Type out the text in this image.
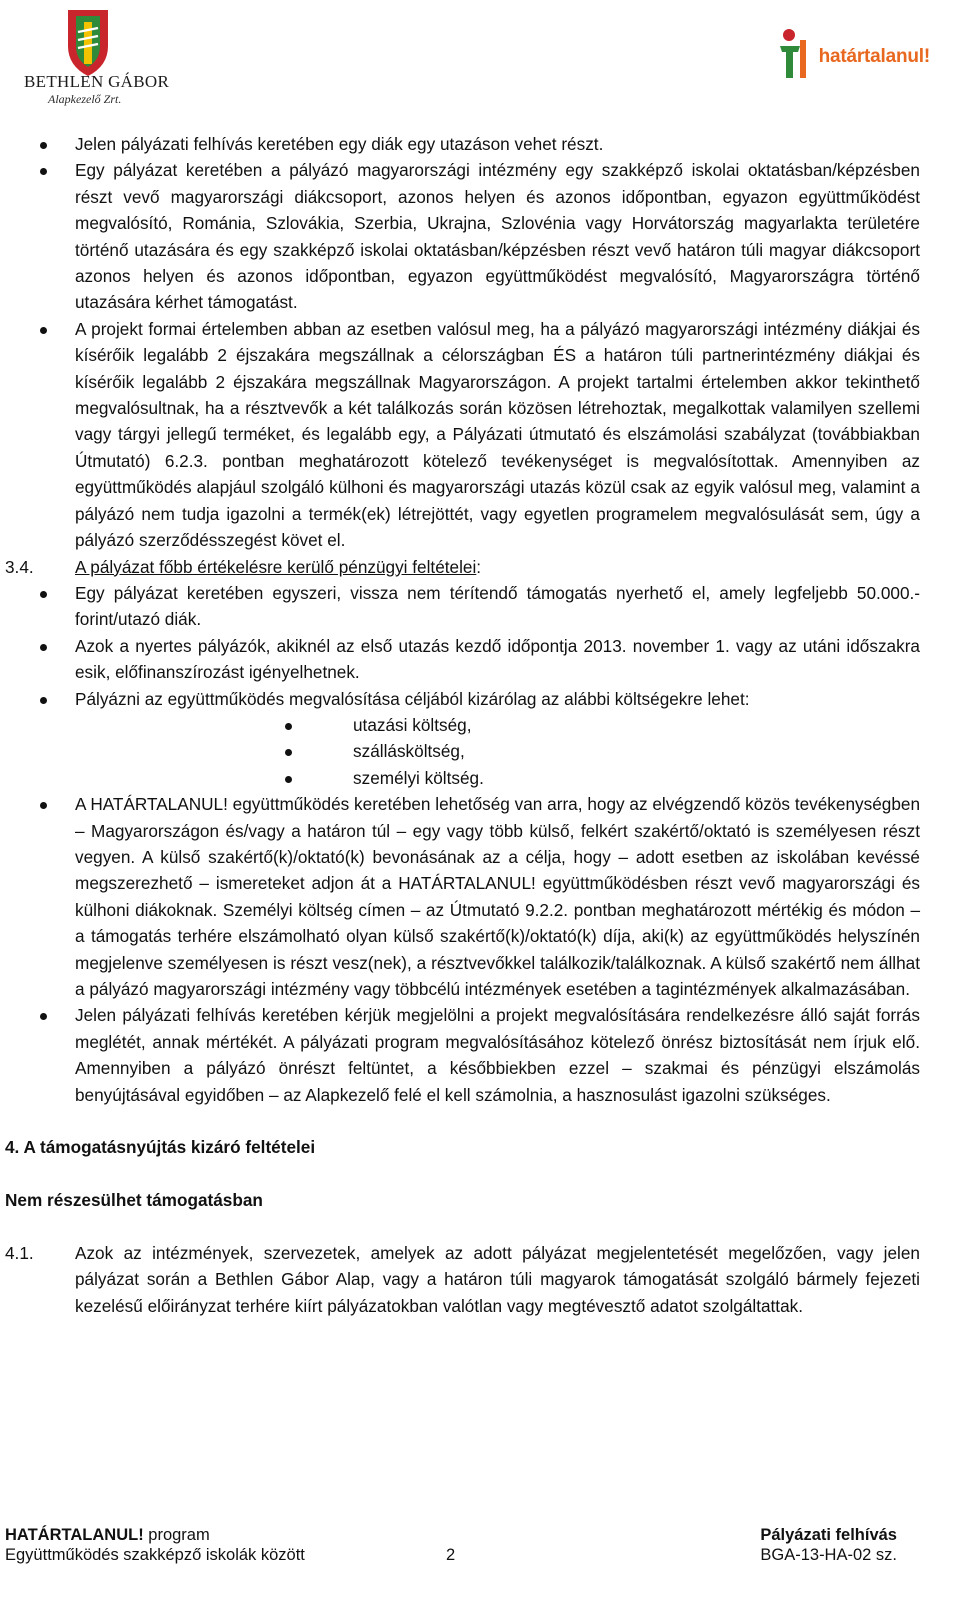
BETHLEN GÁBOR
Alapkezelő Zrt.
határtalanul!

Jelen pályázati felhívás keretében egy diák egy utazáson vehet részt.

Egy pályázat keretében a pályázó magyarországi intézmény egy szakképző iskolai oktatásban/képzésben részt vevő magyarországi diákcsoport, azonos helyen és azonos időpontban, egyazon együttműködést megvalósító, Románia, Szlovákia, Szerbia, Ukrajna, Szlovénia vagy Horvátország magyarlakta területére történő utazására és egy szakképző iskolai oktatásban/képzésben részt vevő határon túli magyar diákcsoport azonos helyen és azonos időpontban, egyazon együttműködést megvalósító, Magyarországra történő utazására kérhet támogatást.

A projekt formai értelemben abban az esetben valósul meg, ha a pályázó magyarországi intézmény diákjai és kísérőik legalább 2 éjszakára megszállnak a célországban ÉS a határon túli partnerintézmény diákjai és kísérőik legalább 2 éjszakára megszállnak Magyarországon. A projekt tartalmi értelemben akkor tekinthető megvalósultnak, ha a résztvevők a két találkozás során közösen létrehoztak, megalkottak valamilyen szellemi vagy tárgyi jellegű terméket, és legalább egy, a Pályázati útmutató és elszámolási szabályzat (továbbiakban Útmutató) 6.2.3. pontban meghatározott kötelező tevékenységet is megvalósítottak. Amennyiben az együttműködés alapjául szolgáló külhoni és magyarországi utazás közül csak az egyik valósul meg, valamint a pályázó nem tudja igazolni a termék(ek) létrejöttét, vagy egyetlen programelem megvalósulását sem, úgy a pályázó szerződésszegést követ el.

3.4. A pályázat főbb értékelésre kerülő pénzügyi feltételei:

Egy pályázat keretében egyszeri, vissza nem térítendő támogatás nyerhető el, amely legfeljebb 50.000.- forint/utazó diák.

Azok a nyertes pályázók, akiknél az első utazás kezdő időpontja 2013. november 1. vagy az utáni időszakra esik, előfinanszírozást igényelhetnek.

Pályázni az együttműködés megvalósítása céljából kizárólag az alábbi költségekre lehet:

utazási költség,

szállásköltség,

személyi költség.

A HATÁRTALANUL! együttműködés keretében lehetőség van arra, hogy az elvégzendő közös tevékenységben – Magyarországon és/vagy a határon túl – egy vagy több külső, felkért szakértő/oktató is személyesen részt vegyen. A külső szakértő(k)/oktató(k) bevonásának az a célja, hogy – adott esetben az iskolában kevéssé megszerezhető – ismereteket adjon át a HATÁRTALANUL! együttműködésben részt vevő magyarországi és külhoni diákoknak. Személyi költség címen – az Útmutató 9.2.2. pontban meghatározott mértékig és módon – a támogatás terhére elszámolható olyan külső szakértő(k)/oktató(k) díja, aki(k) az együttműködés helyszínén megjelenve személyesen is részt vesz(nek), a résztvevőkkel találkozik/találkoznak. A külső szakértő nem állhat a pályázó magyarországi intézmény vagy többcélú intézmények esetében a tagintézmények alkalmazásában.

Jelen pályázati felhívás keretében kérjük megjelölni a projekt megvalósítására rendelkezésre álló saját forrás meglétét, annak mértékét. A pályázati program megvalósításához kötelező önrész biztosítását nem írjuk elő. Amennyiben a pályázó önrészt feltüntet, a későbbiekben ezzel – szakmai és pénzügyi elszámolás benyújtásával egyidőben – az Alapkezelő felé el kell számolnia, a hasznosulást igazolni szükséges.

4. A támogatásnyújtás kizáró feltételei

Nem részesülhet támogatásban

4.1. Azok az intézmények, szervezetek, amelyek az adott pályázat megjelentetését megelőzően, vagy jelen pályázat során a Bethlen Gábor Alap, vagy a határon túli magyarok támogatását szolgáló bármely fejezeti kezelésű előirányzat terhére kiírt pályázatokban valótlan vagy megtévesztő adatot szolgáltattak.

HATÁRTALANUL! program
Együttműködés szakképző iskolák között	2
Pályázati felhívás
BGA-13-HA-02 sz.
